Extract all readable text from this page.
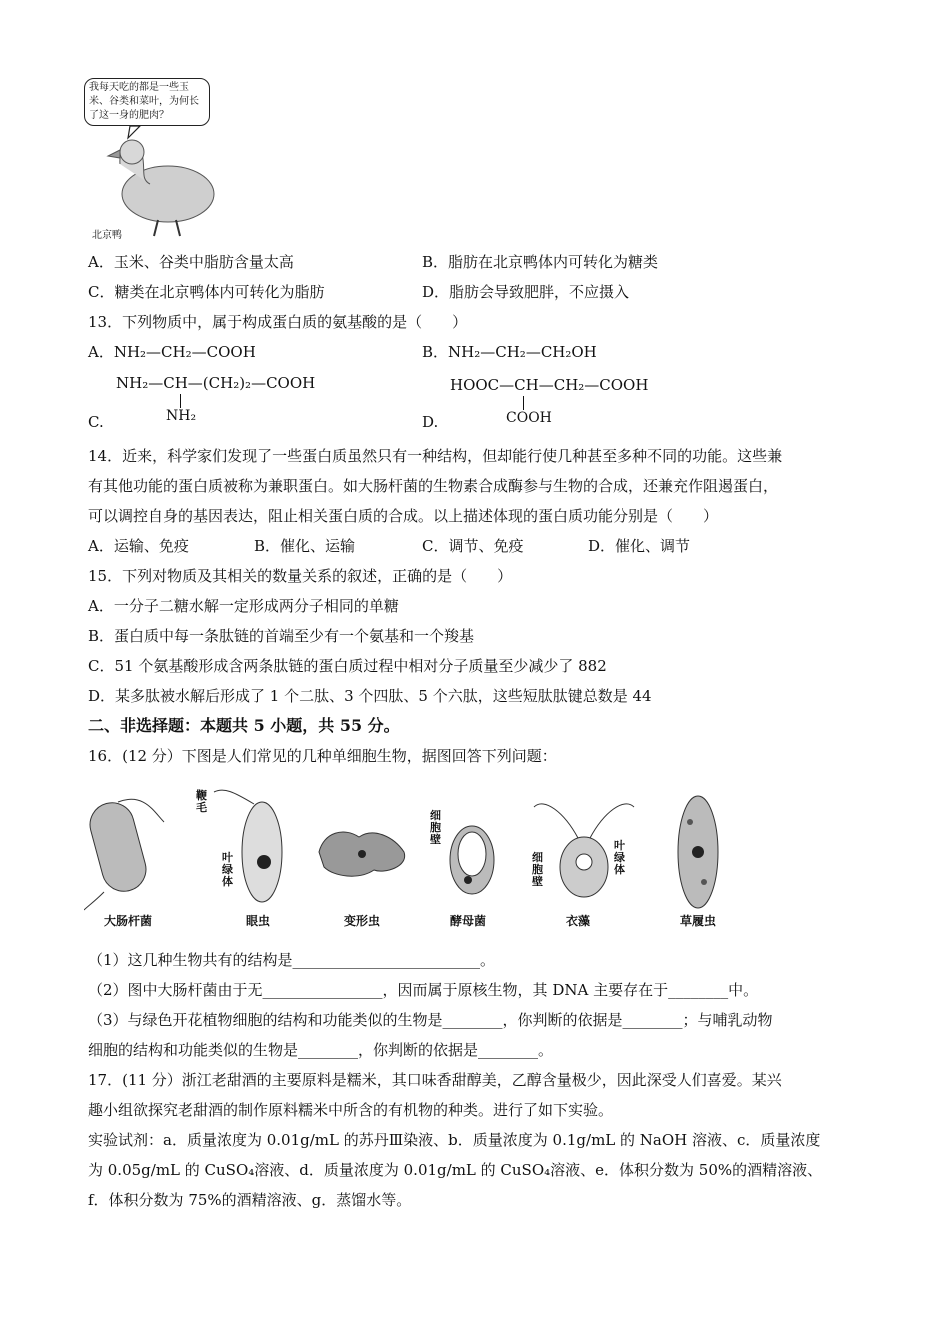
我每天吃的都是一些玉米、谷类和菜叶，为何长了这一身的肥肉？
北京鸭
A．玉米、谷类中脂肪含量太高	B．脂肪在北京鸭体内可转化为糖类
C．糖类在北京鸭体内可转化为脂肪	D．脂肪会导致肥胖，不应摄入
13．下列物质中，属于构成蛋白质的氨基酸的是（　　）
A．NH₂—CH₂—COOH	B．NH₂—CH₂—CH₂OH
C.
NH₂—CH—(CH₂)₂—COOH
NH₂	D.
HOOC—CH—CH₂—COOH
COOH
14．近来，科学家们发现了一些蛋白质虽然只有一种结构，但却能行使几种甚至多种不同的功能。这些兼
有其他功能的蛋白质被称为兼职蛋白。如大肠杆菌的生物素合成酶参与生物的合成，还兼充作阻遏蛋白，
可以调控自身的基因表达，阻止相关蛋白质的合成。以上描述体现的蛋白质功能分别是（　　）
A．运输、免疫	B．催化、运输	C．调节、免疫	D．催化、调节
15．下列对物质及其相关的数量关系的叙述，正确的是（　　）
A．一分子二糖水解一定形成两分子相同的单糖
B．蛋白质中每一条肽链的首端至少有一个氨基和一个羧基
C．51 个氨基酸形成含两条肽链的蛋白质过程中相对分子质量至少减少了 882
D．某多肽被水解后形成了 1 个二肽、3 个四肽、5 个六肽，这些短肽肽键总数是 44
二、非选择题：本题共 5 小题，共 55 分。
16．(12 分）下图是人们常见的几种单细胞生物，据图回答下列问题：
鞭毛
叶绿体
细胞壁
细胞壁
叶绿体
大肠杆菌	眼虫	变形虫	酵母菌	衣藻	草履虫
（1）这几种生物共有的结构是_________________________。
（2）图中大肠杆菌由于无________________，因而属于原核生物，其 DNA 主要存在于________中。
（3）与绿色开花植物细胞的结构和功能类似的生物是________，你判断的依据是________；与哺乳动物
细胞的结构和功能类似的生物是________，你判断的依据是________。
17．(11 分）浙江老甜酒的主要原料是糯米，其口味香甜醇美，乙醇含量极少，因此深受人们喜爱。某兴
趣小组欲探究老甜酒的制作原料糯米中所含的有机物的种类。进行了如下实验。
实验试剂：a．质量浓度为 0.01g/mL 的苏丹Ⅲ染液、b．质量浓度为 0.1g/mL 的 NaOH 溶液、c．质量浓度
为 0.05g/mL 的 CuSO₄溶液、d．质量浓度为 0.01g/mL 的 CuSO₄溶液、e．体积分数为 50%的酒精溶液、
f．体积分数为 75%的酒精溶液、g．蒸馏水等。
